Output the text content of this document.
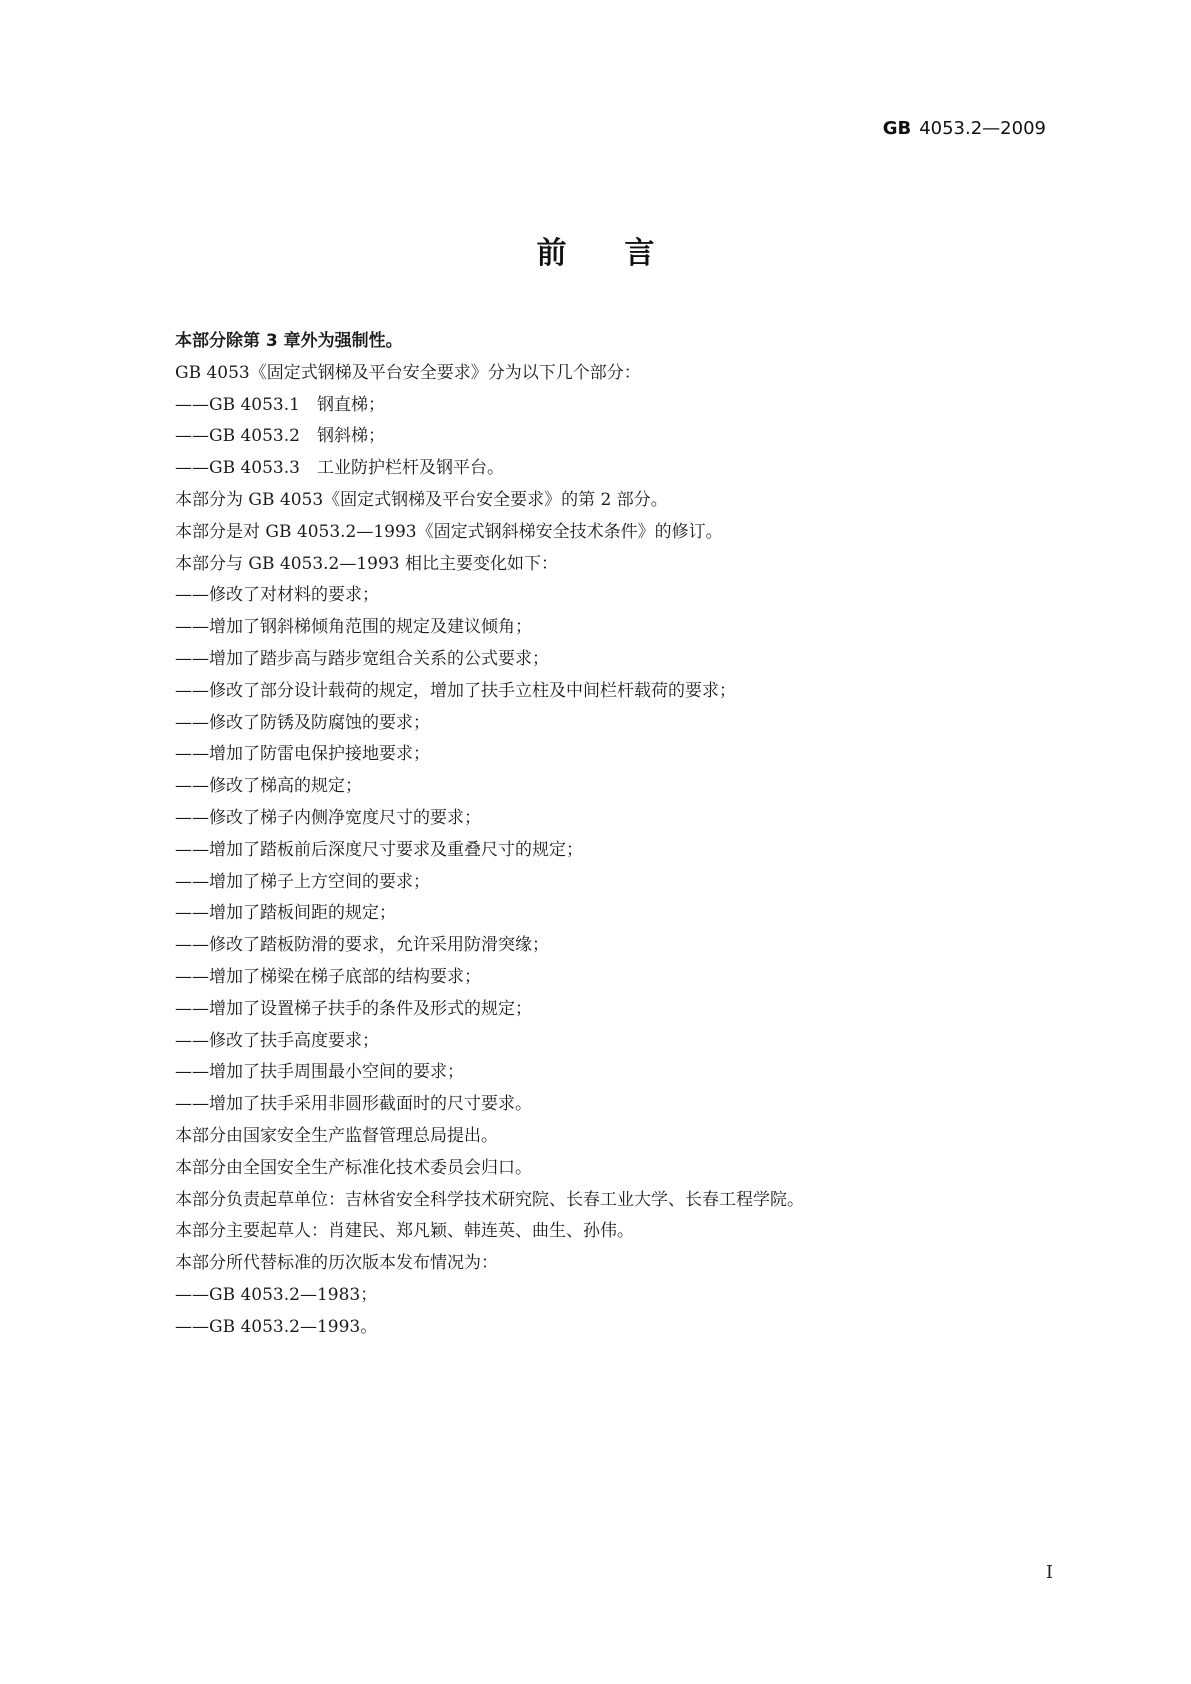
GB 4053.2—2009
前言

本部分除第 3 章外为强制性。

GB 4053《固定式钢梯及平台安全要求》分为以下几个部分：

——GB 4053.1　钢直梯；

——GB 4053.2　钢斜梯；

——GB 4053.3　工业防护栏杆及钢平台。

本部分为 GB 4053《固定式钢梯及平台安全要求》的第 2 部分。

本部分是对 GB 4053.2—1993《固定式钢斜梯安全技术条件》的修订。

本部分与 GB 4053.2—1993 相比主要变化如下：

——修改了对材料的要求；

——增加了钢斜梯倾角范围的规定及建议倾角；

——增加了踏步高与踏步宽组合关系的公式要求；

——修改了部分设计载荷的规定，增加了扶手立柱及中间栏杆载荷的要求；

——修改了防锈及防腐蚀的要求；

——增加了防雷电保护接地要求；

——修改了梯高的规定；

——修改了梯子内侧净宽度尺寸的要求；

——增加了踏板前后深度尺寸要求及重叠尺寸的规定；

——增加了梯子上方空间的要求；

——增加了踏板间距的规定；

——修改了踏板防滑的要求，允许采用防滑突缘；

——增加了梯梁在梯子底部的结构要求；

——增加了设置梯子扶手的条件及形式的规定；

——修改了扶手高度要求；

——增加了扶手周围最小空间的要求；

——增加了扶手采用非圆形截面时的尺寸要求。

本部分由国家安全生产监督管理总局提出。

本部分由全国安全生产标准化技术委员会归口。

本部分负责起草单位：吉林省安全科学技术研究院、长春工业大学、长春工程学院。

本部分主要起草人：肖建民、郑凡颖、韩连英、曲生、孙伟。

本部分所代替标准的历次版本发布情况为：

——GB 4053.2—1983；

——GB 4053.2—1993。

I
